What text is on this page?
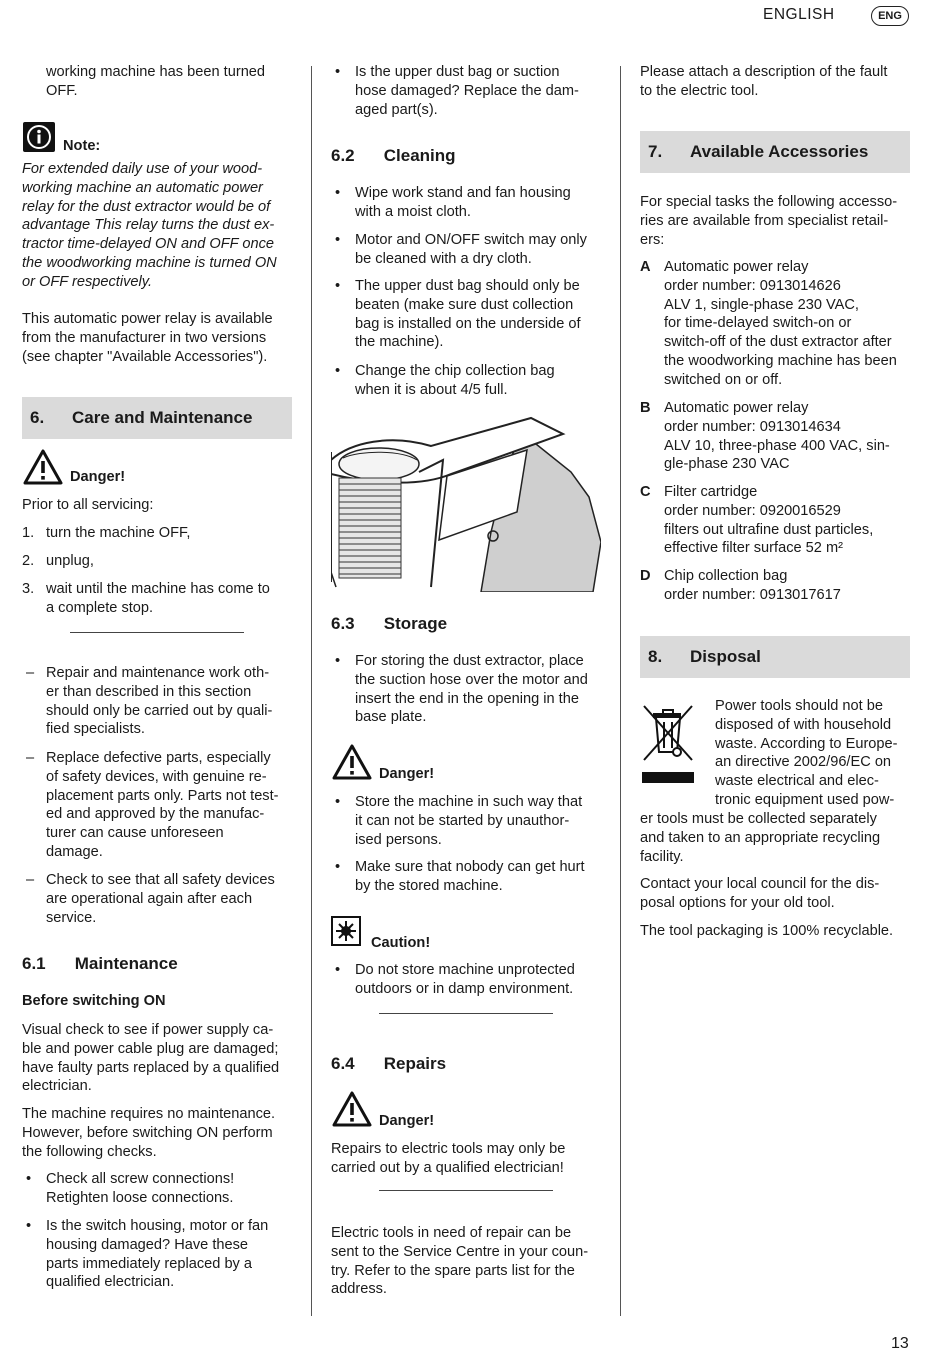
ENGLISH	ENG

working machine has been turned

OFF.

Note:

For extended daily use of your wood-

working machine an automatic power

relay for the dust extractor would be of

advantage This relay turns the dust ex-

tractor time-delayed ON and OFF once

the woodworking machine is turned ON

or OFF respectively.

This automatic power relay is available

from the manufacturer in two versions

(see chapter "Available Accessories").

6.	Care and Maintenance
Danger!
Prior to all servicing:
1. turn the machine OFF,

2. unplug,

3. wait until the machine has come to

a complete stop.

– Repair and maintenance work oth-

er than described in this section

should only be carried out by quali-

fied specialists.

– Replace defective parts, especially

of safety devices, with genuine re-

placement parts only. Parts not test-

ed and approved by the manufac-

turer can cause unforeseen

damage.

– Check to see that all safety devices

are operational again after each

service.

6.1 Maintenance
Before switching ON

Visual check to see if power supply ca-

ble and power cable plug are damaged;

have faulty parts replaced by a qualified

electrician.

The machine requires no maintenance.

However, before switching ON perform

the following checks.

• Check all screw connections!

Retighten loose connections.

• Is the switch housing, motor or fan

housing damaged? Have these

parts immediately replaced by a

qualified electrician.

• Is the upper dust bag or suction

hose damaged? Replace the dam-

aged part(s).

6.2 Cleaning

• Wipe work stand and fan housing

with a moist cloth.

• Motor and ON/OFF switch may only

be cleaned with a dry cloth.

• The upper dust bag should only be

beaten (make sure dust collection

bag is installed on the underside of

the machine).

• Change the chip collection bag

when it is about 4/5 full.

6.3 Storage

• For storing the dust extractor, place

the suction hose over the motor and

insert the end in the opening in the

base plate.

Danger!

• Store the machine in such way that

it can not be started by unauthor-

ised persons.

• Make sure that nobody can get hurt

by the stored machine.

Caution!

• Do not store machine unprotected

outdoors or in damp environment.

6.4 Repairs
Danger!

Repairs to electric tools may only be

carried out by a qualified electrician!

Electric tools in need of repair can be

sent to the Service Centre in your coun-

try. Refer to the spare parts list for the

address.

Please attach a description of the fault

to the electric tool.

7.	Available Accessories

For special tasks the following accesso-

ries are available from specialist retail-

ers:

A Automatic power relay

order number: 0913014626

ALV 1, single-phase 230 VAC,

for time-delayed switch-on or

switch-off of the dust extractor after

the woodworking machine has been

switched on or off.

B Automatic power relay

order number: 0913014634

ALV 10, three-phase 400 VAC, sin-

gle-phase 230 VAC

C Filter cartridge

order number: 0920016529

filters out ultrafine dust particles,

effective filter surface 52 m²

D Chip collection bag

order number: 0913017617

8.	Disposal

Power tools should not be

disposed of with household

waste. According to Europe-

an directive 2002/96/EC on

waste electrical and elec-

tronic equipment used pow-

er tools must be collected separately

and taken to an appropriate recycling

facility.

Contact your local council for the dis-

posal options for your old tool.

The tool packaging is 100% recyclable.
13
